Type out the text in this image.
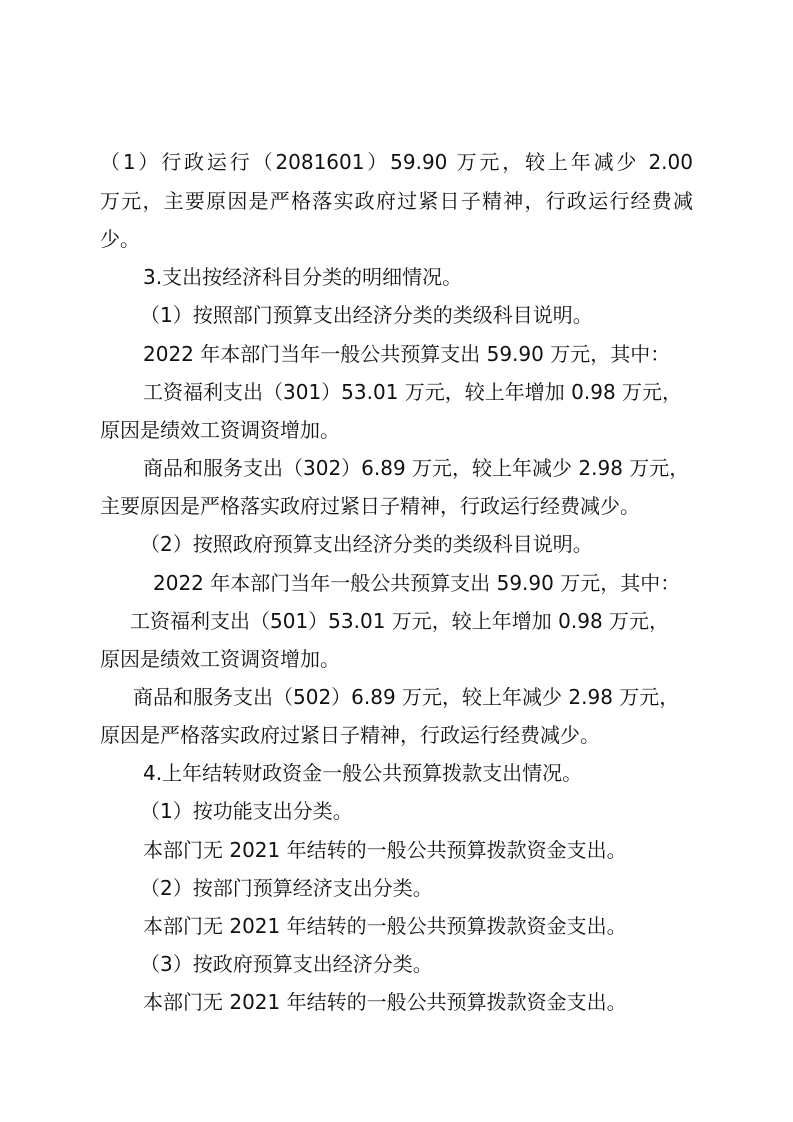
（1）行政运行（2081601）59.90 万元，较上年减少 2.00

万元，主要原因是严格落实政府过紧日子精神，行政运行经费减

少。

3.支出按经济科目分类的明细情况。

（1）按照部门预算支出经济分类的类级科目说明。

2022 年本部门当年一般公共预算支出 59.90 万元，其中：

工资福利支出（301）53.01 万元，较上年增加 0.98 万元，

原因是绩效工资调资增加。

商品和服务支出（302）6.89 万元，较上年减少 2.98 万元，

主要原因是严格落实政府过紧日子精神，行政运行经费减少。

（2）按照政府预算支出经济分类的类级科目说明。

2022 年本部门当年一般公共预算支出 59.90 万元，其中：

工资福利支出（501）53.01 万元，较上年增加 0.98 万元，

原因是绩效工资调资增加。

商品和服务支出（502）6.89 万元，较上年减少 2.98 万元，

原因是严格落实政府过紧日子精神，行政运行经费减少。

4.上年结转财政资金一般公共预算拨款支出情况。

（1）按功能支出分类。

本部门无 2021 年结转的一般公共预算拨款资金支出。

（2）按部门预算经济支出分类。

本部门无 2021 年结转的一般公共预算拨款资金支出。

（3）按政府预算支出经济分类。

本部门无 2021 年结转的一般公共预算拨款资金支出。
